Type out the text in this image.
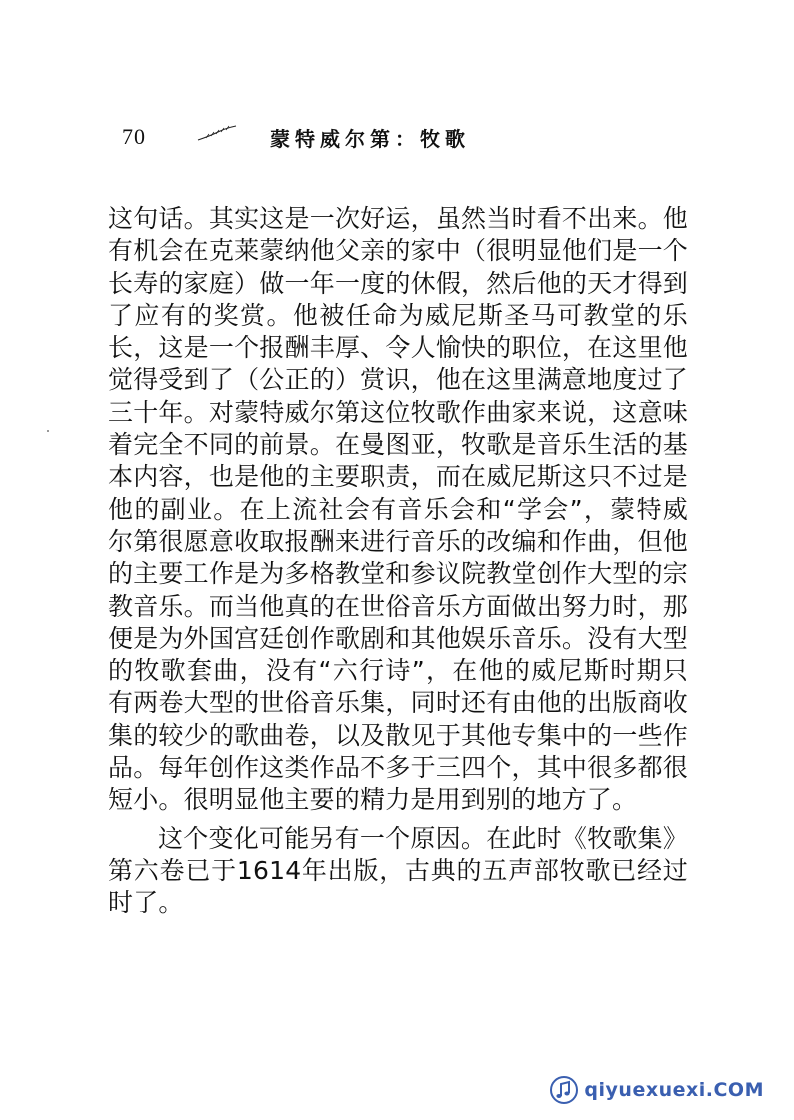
70	蒙特威尔第：牧歌

这句话。其实这是一次好运，虽然当时看不出来。他有机会在克莱蒙纳他父亲的家中（很明显他们是一个长寿的家庭）做一年一度的休假，然后他的天才得到了应有的奖赏。他被任命为威尼斯圣马可教堂的乐长，这是一个报酬丰厚、令人愉快的职位，在这里他觉得受到了（公正的）赏识，他在这里满意地度过了三十年。对蒙特威尔第这位牧歌作曲家来说，这意味着完全不同的前景。在曼图亚，牧歌是音乐生活的基本内容，也是他的主要职责，而在威尼斯这只不过是他的副业。在上流社会有音乐会和“学会”，蒙特威尔第很愿意收取报酬来进行音乐的改编和作曲，但他的主要工作是为多格教堂和参议院教堂创作大型的宗教音乐。而当他真的在世俗音乐方面做出努力时，那便是为外国宫廷创作歌剧和其他娱乐音乐。没有大型的牧歌套曲，没有“六行诗”，在他的威尼斯时期只有两卷大型的世俗音乐集，同时还有由他的出版商收集的较少的歌曲卷，以及散见于其他专集中的一些作品。每年创作这类作品不多于三四个，其中很多都很短小。很明显他主要的精力是用到别的地方了。

这个变化可能另有一个原因。在此时《牧歌集》第六卷已于1614年出版，古典的五声部牧歌已经过时了。

qiyuexuexi.COM
